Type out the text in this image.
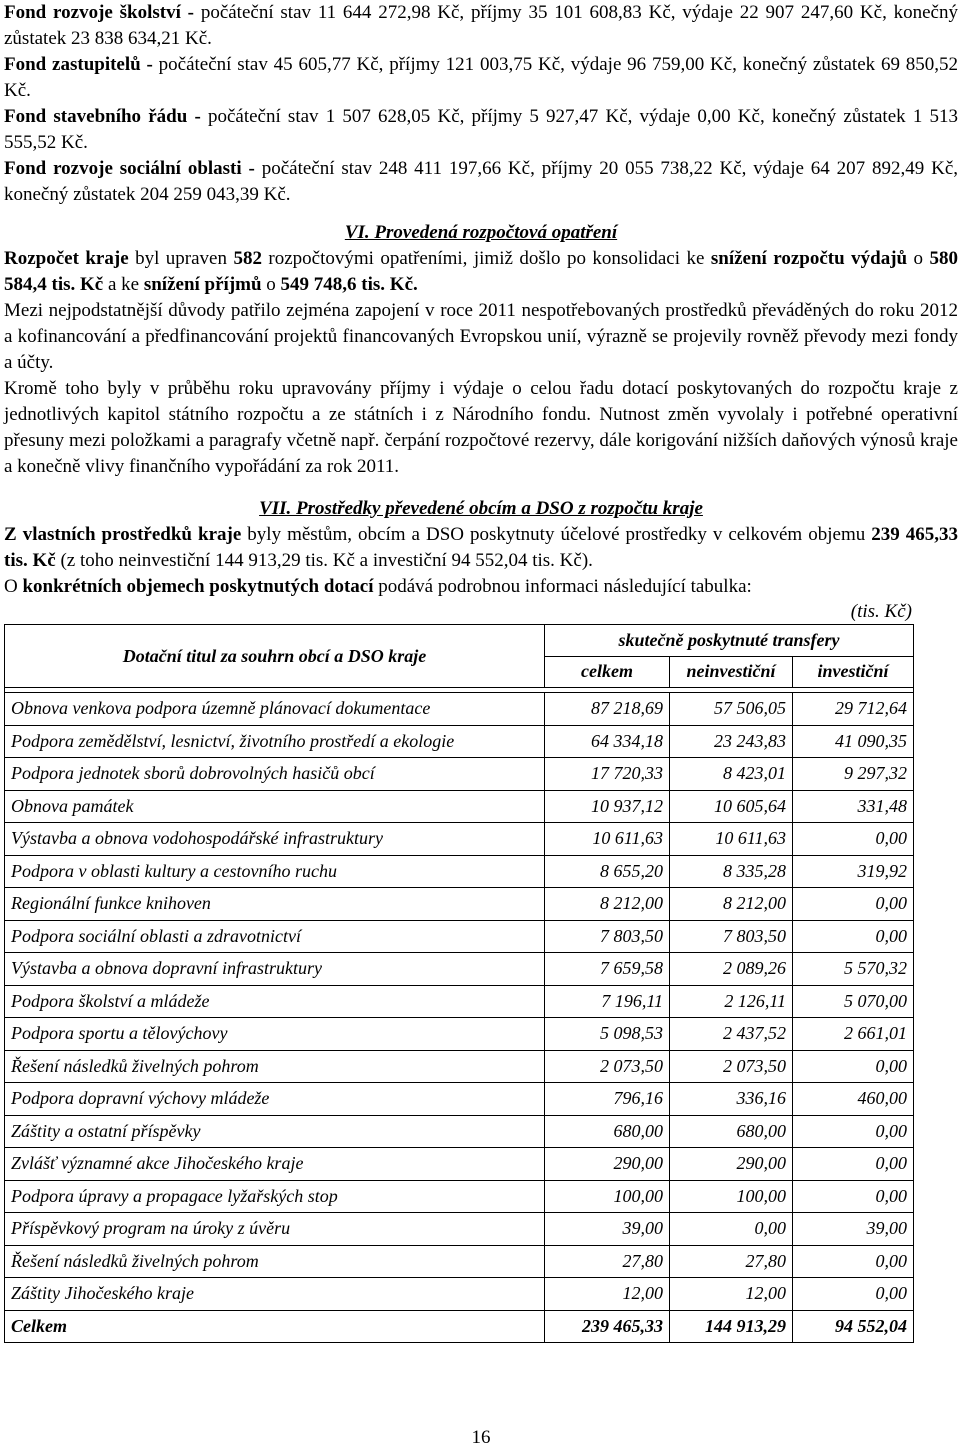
Fond rozvoje školství - počáteční stav 11 644 272,98 Kč, příjmy 35 101 608,83 Kč, výdaje 22 907 247,60 Kč, konečný zůstatek 23 838 634,21 Kč.

Fond zastupitelů - počáteční stav 45 605,77 Kč, příjmy 121 003,75 Kč, výdaje 96 759,00 Kč, konečný zůstatek 69 850,52 Kč.

Fond stavebního řádu - počáteční stav 1 507 628,05 Kč, příjmy 5 927,47 Kč, výdaje 0,00 Kč, konečný zůstatek 1 513 555,52 Kč.

Fond rozvoje sociální oblasti - počáteční stav 248 411 197,66 Kč, příjmy 20 055 738,22 Kč, výdaje 64 207 892,49 Kč, konečný zůstatek 204 259 043,39 Kč.

VI. Provedená rozpočtová opatření

Rozpočet kraje byl upraven 582 rozpočtovými opatřeními, jimiž došlo po konsolidaci ke snížení rozpočtu výdajů o 580 584,4 tis. Kč a ke snížení příjmů o 549 748,6 tis. Kč.

Mezi nejpodstatnější důvody patřilo zejména zapojení v roce 2011 nespotřebovaných prostředků převáděných do roku 2012 a kofinancování a předfinancování projektů financovaných Evropskou unií, výrazně se projevily rovněž převody mezi fondy a účty.

Kromě toho byly v průběhu roku upravovány příjmy i výdaje o celou řadu dotací poskytovaných do rozpočtu kraje z jednotlivých kapitol státního rozpočtu a ze státních i z Národního fondu. Nutnost změn vyvolaly i potřebné operativní přesuny mezi položkami a paragrafy včetně např. čerpání rozpočtové rezervy, dále korigování nižších daňových výnosů kraje a konečně vlivy finančního vypořádání za rok 2011.

VII. Prostředky převedené obcím a DSO z rozpočtu kraje

Z vlastních prostředků kraje byly městům, obcím a DSO poskytnuty účelové prostředky v celkovém objemu 239 465,33 tis. Kč (z toho neinvestiční 144 913,29 tis. Kč a investiční 94 552,04 tis. Kč).

O konkrétních objemech poskytnutých dotací podává podrobnou informaci následující tabulka:

(tis. Kč)
Dotační titul za souhrn obcí a DSO kraje	skutečně poskytnuté transfery		
	celkem	neinvestiční	investiční

Obnova venkova podpora územně plánovací dokumentace	87 218,69	57 506,05	29 712,64
Podpora zemědělství, lesnictví, životního prostředí a ekologie	64 334,18	23 243,83	41 090,35
Podpora jednotek sborů dobrovolných hasičů obcí	17 720,33	8 423,01	9 297,32
Obnova památek	10 937,12	10 605,64	331,48
Výstavba a obnova vodohospodářské infrastruktury	10 611,63	10 611,63	0,00
Podpora v oblasti kultury a cestovního ruchu	8 655,20	8 335,28	319,92
Regionální funkce knihoven	8 212,00	8 212,00	0,00
Podpora sociální oblasti a zdravotnictví	7 803,50	7 803,50	0,00
Výstavba a obnova dopravní infrastruktury	7 659,58	2 089,26	5 570,32
Podpora školství a mládeže	7 196,11	2 126,11	5 070,00
Podpora sportu a tělovýchovy	5 098,53	2 437,52	2 661,01
Řešení následků živelných pohrom	2 073,50	2 073,50	0,00
Podpora dopravní výchovy mládeže	796,16	336,16	460,00
Záštity a ostatní příspěvky	680,00	680,00	0,00
Zvlášť významné akce Jihočeského kraje	290,00	290,00	0,00
Podpora úpravy a propagace lyžařských stop	100,00	100,00	0,00
Příspěvkový program na úroky z úvěru	39,00	0,00	39,00
Řešení následků živelných pohrom	27,80	27,80	0,00
Záštity Jihočeského kraje	12,00	12,00	0,00
Celkem	239 465,33	144 913,29	94 552,04
16
